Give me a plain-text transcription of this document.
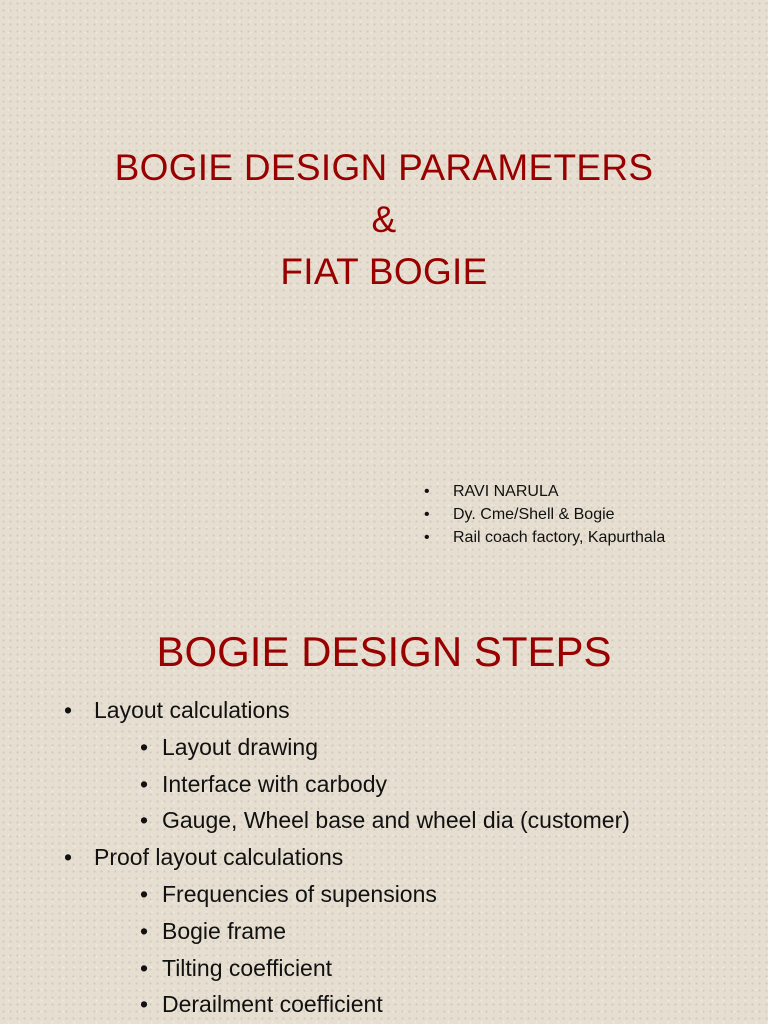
BOGIE DESIGN PARAMETERS
&
FIAT BOGIE
• RAVI NARULA
• Dy. Cme/Shell & Bogie
• Rail coach factory, Kapurthala
BOGIE DESIGN STEPS
• Layout calculations
• Layout drawing
• Interface with carbody
• Gauge, Wheel base and wheel dia (customer)
• Proof layout calculations
• Frequencies of supensions
• Bogie frame
• Tilting coefficient
• Derailment coefficient
